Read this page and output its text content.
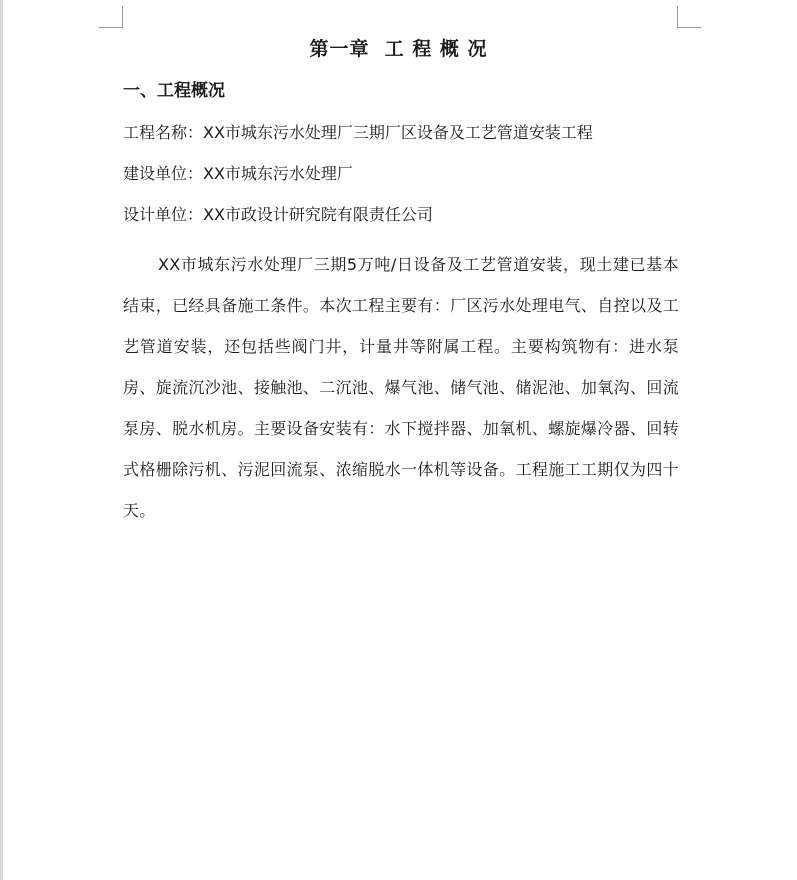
第一章  工 程 概 况
一、工程概况
工程名称：XX市城东污水处理厂三期厂区设备及工艺管道安装工程
建设单位：XX市城东污水处理厂
设计单位：XX市政设计研究院有限责任公司
XX市城东污水处理厂三期5万吨/日设备及工艺管道安装，现土建已基本结束，已经具备施工条件。本次工程主要有：厂区污水处理电气、自控以及工艺管道安装，还包括些阀门井，计量井等附属工程。主要构筑物有：进水泵房、旋流沉沙池、接触池、二沉池、爆气池、储气池、储泥池、加氧沟、回流泵房、脱水机房。主要设备安装有：水下搅拌器、加氧机、螺旋爆冷器、回转式格栅除污机、污泥回流泵、浓缩脱水一体机等设备。工程施工工期仅为四十天。
